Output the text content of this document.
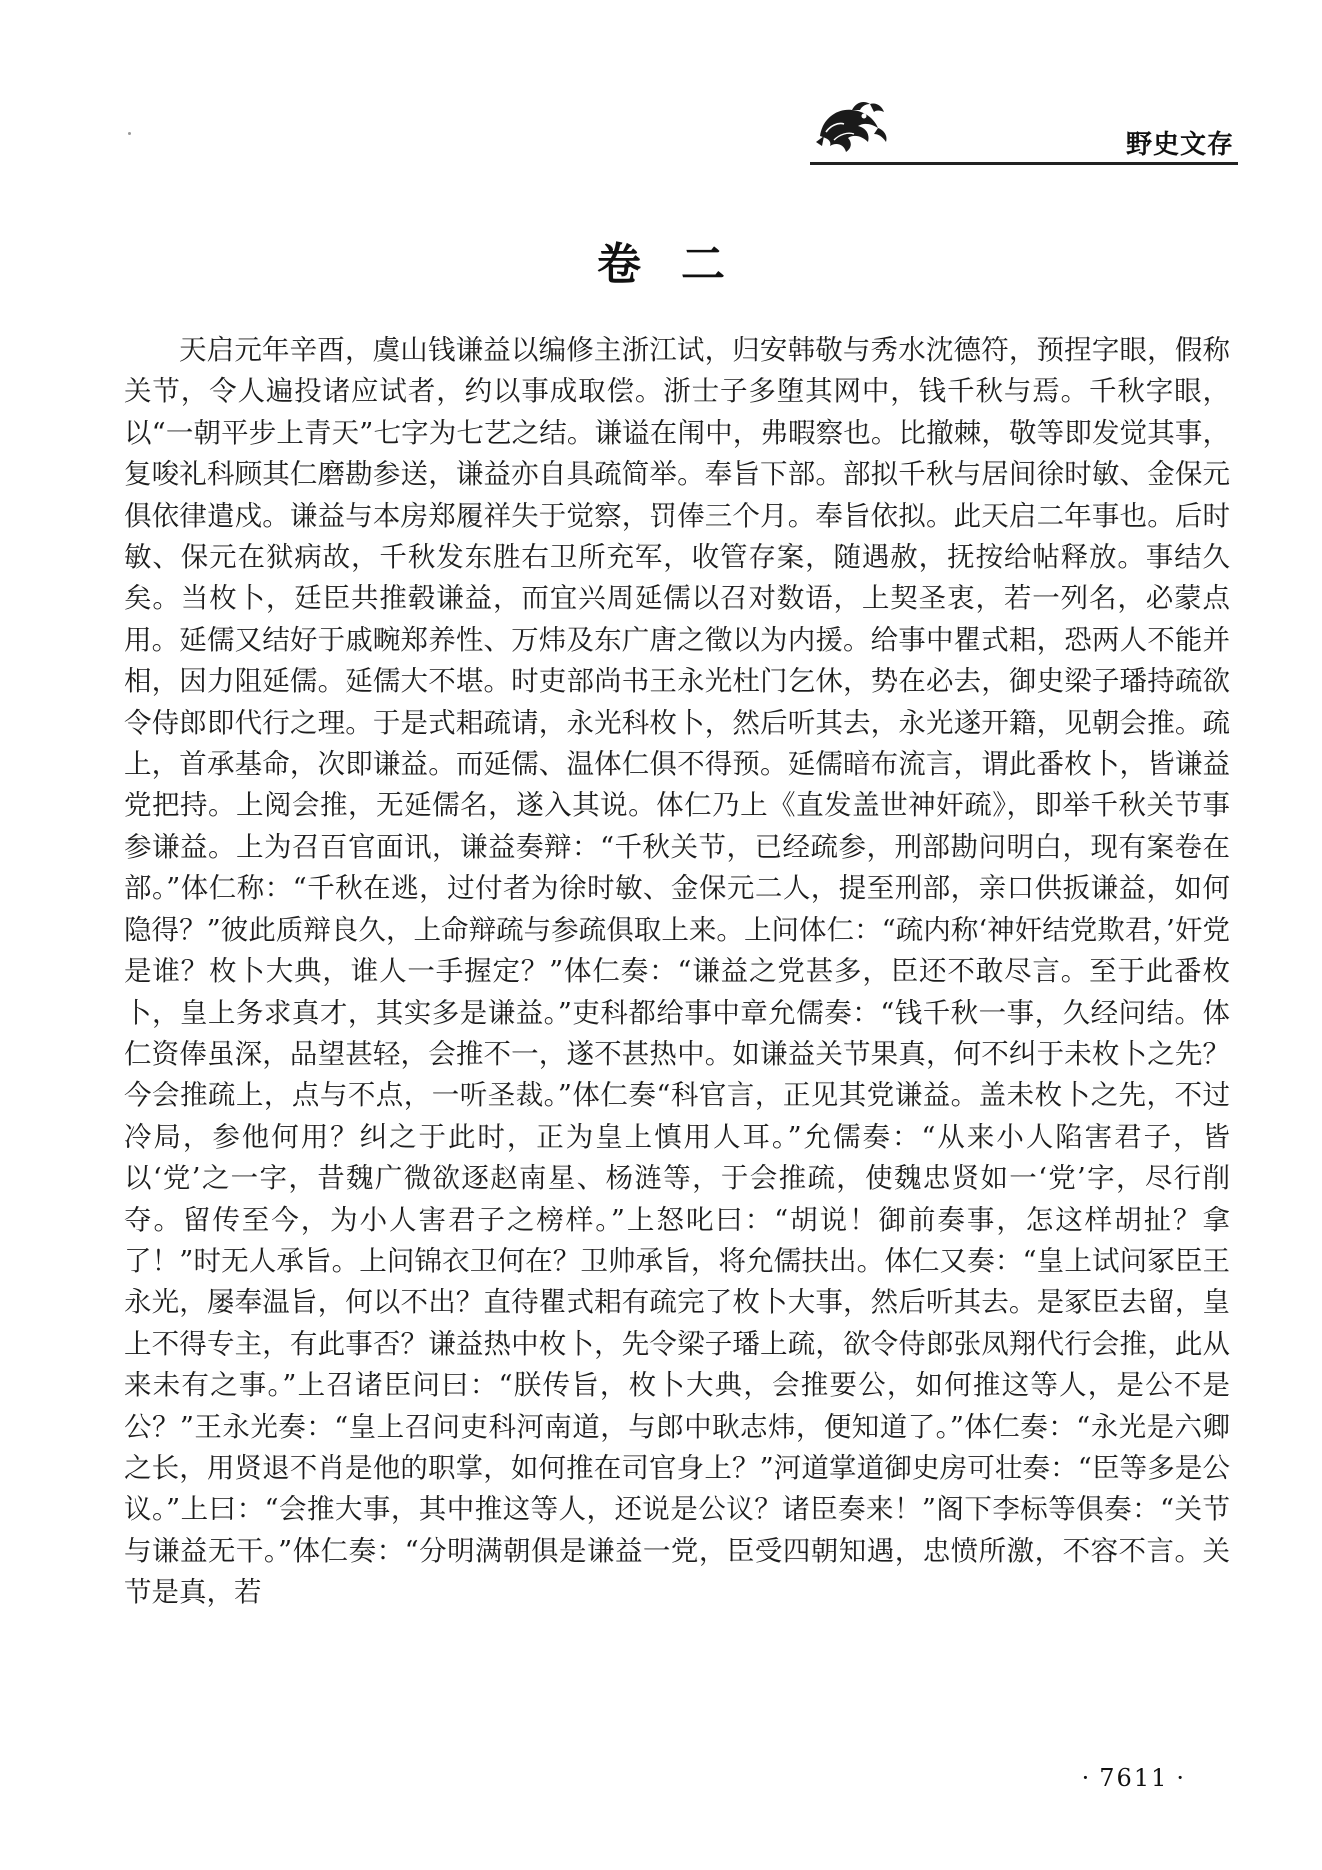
野史文存
卷二

天启元年辛酉，虞山钱谦益以编修主浙江试，归安韩敬与秀水沈德符，预捏字眼，假称关节，令人遍投诸应试者，约以事成取偿。浙士子多堕其网中，钱千秋与焉。千秋字眼，以“一朝平步上青天”七字为七艺之结。谦谥在闱中，弗暇察也。比撤棘，敬等即发觉其事，复唆礼科顾其仁磨勘参送，谦益亦自具疏简举。奉旨下部。部拟千秋与居间徐时敏、金保元俱依律遣戍。谦益与本房郑履祥失于觉察，罚俸三个月。奉旨依拟。此天启二年事也。后时敏、保元在狱病故，千秋发东胜右卫所充军，收管存案，随遇赦，抚按给帖释放。事结久矣。当枚卜，廷臣共推毂谦益，而宜兴周延儒以召对数语，上契圣衷，若一列名，必蒙点用。延儒又结好于戚畹郑养性、万炜及东广唐之徵以为内援。给事中瞿式耜，恐两人不能并相，因力阻延儒。延儒大不堪。时吏部尚书王永光杜门乞休，势在必去，御史梁子璠持疏欲令侍郎即代行之理。于是式耜疏请，永光科枚卜，然后听其去，永光遂开籍，见朝会推。疏上，首承基命，次即谦益。而延儒、温体仁俱不得预。延儒暗布流言，谓此番枚卜，皆谦益党把持。上阅会推，无延儒名，遂入其说。体仁乃上《直发盖世神奸疏》，即举千秋关节事参谦益。上为召百官面讯，谦益奏辩：“千秋关节，已经疏参，刑部勘问明白，现有案卷在部。”体仁称：“千秋在逃，过付者为徐时敏、金保元二人，提至刑部，亲口供扳谦益，如何隐得？”彼此质辩良久，上命辩疏与参疏俱取上来。上问体仁：“疏内称‘神奸结党欺君，’奸党是谁？枚卜大典，谁人一手握定？”体仁奏：“谦益之党甚多，臣还不敢尽言。至于此番枚卜，皇上务求真才，其实多是谦益。”吏科都给事中章允儒奏：“钱千秋一事，久经问结。体仁资俸虽深，品望甚轻，会推不一，遂不甚热中。如谦益关节果真，何不纠于未枚卜之先？今会推疏上，点与不点，一听圣裁。”体仁奏“科官言，正见其党谦益。盖未枚卜之先，不过冷局，参他何用？纠之于此时，正为皇上慎用人耳。”允儒奏：“从来小人陷害君子，皆以‘党’之一字，昔魏广微欲逐赵南星、杨涟等，于会推疏，使魏忠贤如一‘党’字，尽行削夺。留传至今，为小人害君子之榜样。”上怒叱曰：“胡说！御前奏事，怎这样胡扯？拿了！”时无人承旨。上问锦衣卫何在？卫帅承旨，将允儒扶出。体仁又奏：“皇上试问冢臣王永光，屡奉温旨，何以不出？直待瞿式耜有疏完了枚卜大事，然后听其去。是冢臣去留，皇上不得专主，有此事否？谦益热中枚卜，先令梁子璠上疏，欲令侍郎张凤翔代行会推，此从来未有之事。”上召诸臣问曰：“朕传旨，枚卜大典，会推要公，如何推这等人，是公不是公？”王永光奏：“皇上召问吏科河南道，与郎中耿志炜，便知道了。”体仁奏：“永光是六卿之长，用贤退不肖是他的职掌，如何推在司官身上？”河道掌道御史房可壮奏：“臣等多是公议。”上曰：“会推大事，其中推这等人，还说是公议？诸臣奏来！”阁下李标等俱奏：“关节与谦益无干。”体仁奏：“分明满朝俱是谦益一党，臣受四朝知遇，忠愤所激，不容不言。关节是真，若

· 7611 ·
